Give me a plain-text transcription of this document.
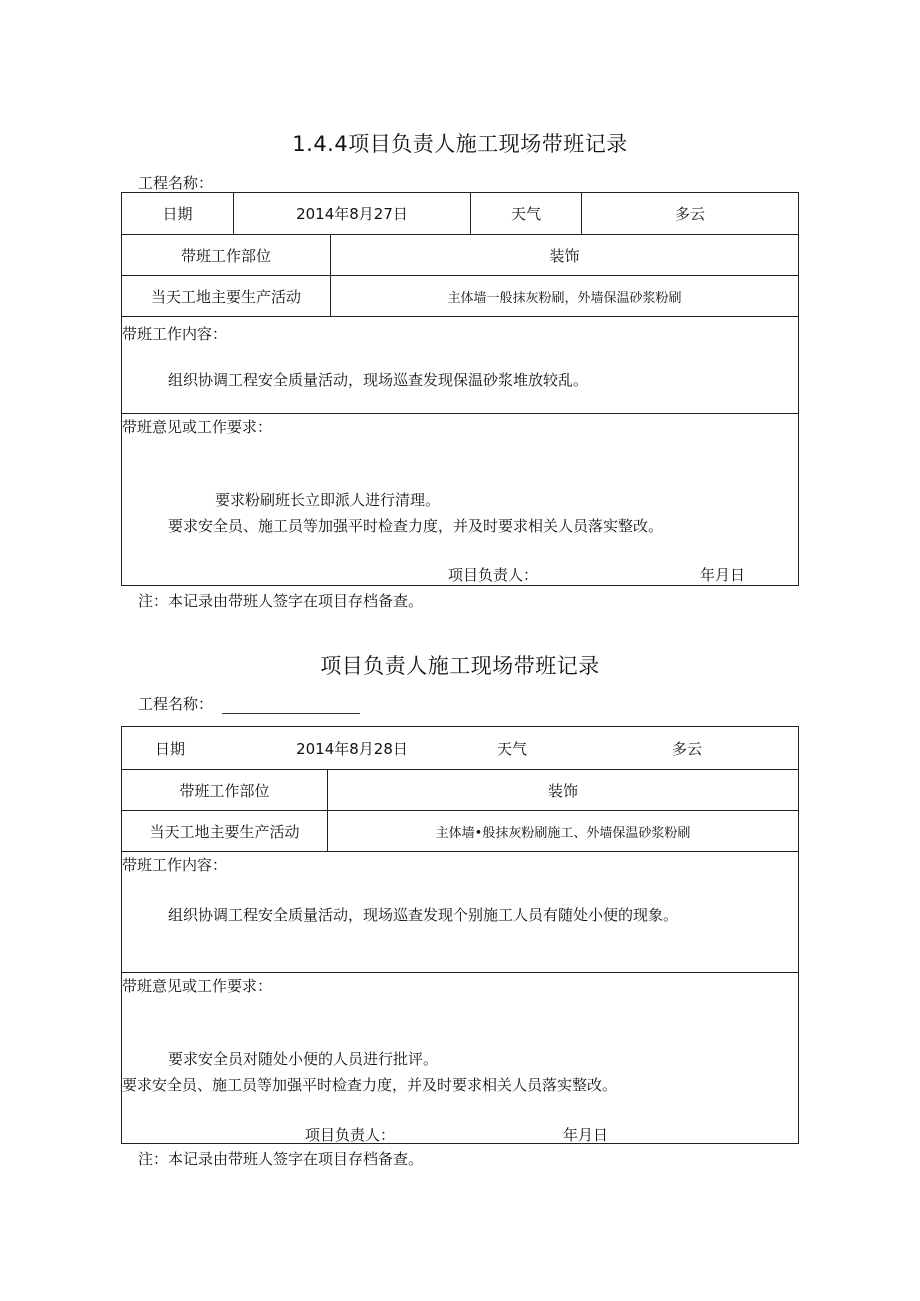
1.4.4项目负责人施工现场带班记录
工程名称：
日期	2014年8月27日	天气	多云
带班工作部位	装饰
当天工地主要生产活动	主体墙一般抹灰粉刷，外墙保温砂浆粉刷
带班工作内容：
组织协调工程安全质量活动，现场巡查发现保温砂浆堆放较乱。
带班意见或工作要求：
要求粉刷班长立即派人进行清理。
要求安全员、施工员等加强平时检查力度，并及时要求相关人员落实整改。
项目负责人：	年月日
注：本记录由带班人签字在项目存档备查。
项目负责人施工现场带班记录
工程名称：
日期	2014年8月28日	天气	多云
带班工作部位	装饰
当天工地主要生产活动	主体墙•般抹灰粉刷施工、外墙保温砂浆粉刷
带班工作内容：
组织协调工程安全质量活动，现场巡查发现个别施工人员有随处小便的现象。
带班意见或工作要求：
要求安全员对随处小便的人员进行批评。
要求安全员、施工员等加强平时检查力度，并及时要求相关人员落实整改。
项目负责人：	年月日
注：本记录由带班人签字在项目存档备查。
